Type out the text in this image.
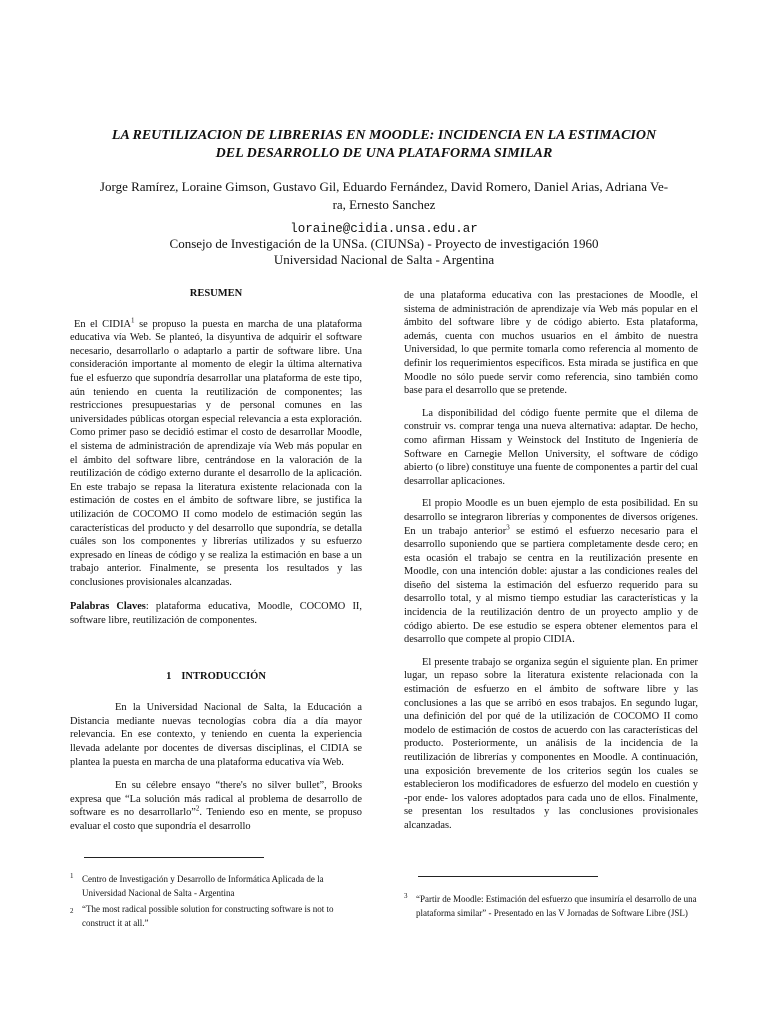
LA REUTILIZACION DE LIBRERIAS EN MOODLE: INCIDENCIA EN LA ESTIMACION
DEL DESARROLLO DE UNA PLATAFORMA SIMILAR
Jorge Ramírez, Loraine Gimson, Gustavo Gil, Eduardo Fernández, David Romero, Daniel Arias, Adriana Ve-
ra, Ernesto Sanchez
loraine@cidia.unsa.edu.ar
Consejo de Investigación de la UNSa. (CIUNSa) - Proyecto de investigación 1960
Universidad Nacional de Salta - Argentina

RESUMEN

En el CIDIA$^1$ se propuso la puesta en marcha de una plataforma educativa vía Web. Se planteó, la disyuntiva de adquirir el software necesario, desarrollarlo o adaptarlo a partir de software libre. Una consideración importante al momento de elegir la última alternativa fue el esfuerzo que supondría desarrollar una plataforma de este tipo, aún teniendo en cuenta la reutilización de componentes; las restricciones presupuestarias y de personal comunes en las universidades públicas otorgan especial relevancia a esta exploración. Como primer paso se decidió estimar el costo de desarrollar Moodle, el sistema de administración de aprendizaje vía Web más popular en el ámbito del software libre, centrándose en la valoración de la reutilización de código externo durante el desarrollo de la aplicación. En este trabajo se repasa la literatura existente relacionada con la estimación de costes en el ámbito de software libre, se justifica la utilización de COCOMO II como modelo de estimación según las características del producto y del desarrollo que supondría, se detalla cuáles son los componentes y librerías utilizados y su esfuerzo expresado en líneas de código y se realiza la estimación en base a un trabajo anterior. Finalmente, se presenta los resultados y las conclusiones provisionales alcanzadas.

Palabras Claves: plataforma educativa, Moodle, COCOMO II, software libre, reutilización de componentes.

1 INTRODUCCIÓN

En la Universidad Nacional de Salta, la Educación a Distancia mediante nuevas tecnologías cobra día a día mayor relevancia. En ese contexto, y teniendo en cuenta la experiencia llevada adelante por docentes de diversas disciplinas, el CIDIA se plantea la puesta en marcha de una plataforma educativa vía Web.

En su célebre ensayo “there's no silver bullet”, Brooks expresa que “La solución más radical al problema de desarrollo de software es no desarrollarlo”$^2$. Teniendo eso en mente, se propuso evaluar el costo que supondría el desarrollo

de una plataforma educativa con las prestaciones de Moodle, el sistema de administración de aprendizaje vía Web más popular en el ámbito del software libre y de código abierto. Esta plataforma, además, cuenta con muchos usuarios en el ámbito de nuestra Universidad, lo que permite tomarla como referencia al momento de definir los requerimientos específicos. Esta mirada se justifica en que Moodle no sólo puede servir como referencia, sino también como base para el desarrollo que se pretende.

La disponibilidad del código fuente permite que el dilema de construir vs. comprar tenga una nueva alternativa: adaptar. De hecho, como afirman Hissam y Weinstock del Instituto de Ingeniería de Software en Carnegie Mellon University, el software de código abierto (o libre) constituye una fuente de componentes a partir del cual desarrollar aplicaciones.

El propio Moodle es un buen ejemplo de esta posibilidad. En su desarrollo se integraron librerías y componentes de diversos orígenes. En un trabajo anterior$^3$ se estimó el esfuerzo necesario para el desarrollo suponiendo que se partiera completamente desde cero; en esta ocasión el trabajo se centra en la reutilización presente en Moodle, con una intención doble: ajustar a las condiciones reales del diseño del sistema la estimación del esfuerzo requerido para su desarrollo total, y al mismo tiempo estudiar las características y la incidencia de la reutilización dentro de un proyecto amplio y de código abierto. De ese estudio se espera obtener elementos para el desarrollo que compete al propio CIDIA.

El presente trabajo se organiza según el siguiente plan. En primer lugar, un repaso sobre la literatura existente relacionada con la estimación de esfuerzo en el ámbito de software libre y las conclusiones a las que se arribó en esos trabajos. En segundo lugar, una definición del por qué de la utilización de COCOMO II como modelo de estimación de costos de acuerdo con las características del producto. Posteriormente, un análisis de la incidencia de la reutilización de librerías y componentes en Moodle. A continuación, una exposición brevemente de los criterios según los cuales se establecieron los modificadores de esfuerzo del modelo en cuestión y -por ende- los valores adoptados para cada uno de ellos. Finalmente, se presentan los resultados y las conclusiones provisionales alcanzadas.

1 Centro de Investigación y Desarrollo de Informática Aplicada de la Universidad Nacional de Salta - Argentina
2 “The most radical possible solution for constructing software is not to construct it at all.”
3 “Partir de Moodle: Estimación del esfuerzo que insumiría el desarrollo de una plataforma similar” - Presentado en las V Jornadas de Software Libre (JSL)
